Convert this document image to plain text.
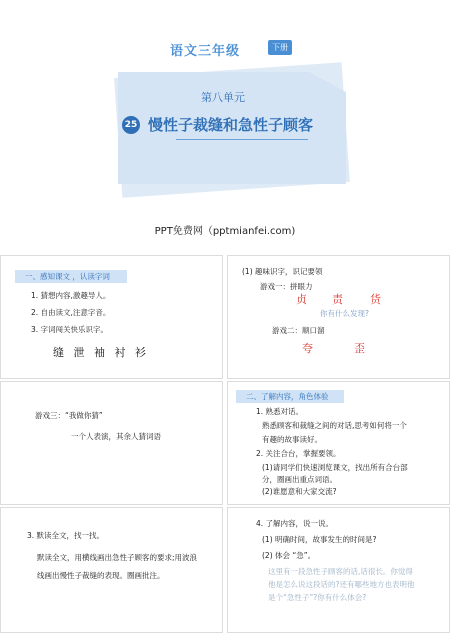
语文三年级	下册
第八单元
25 慢性子裁缝和急性子顾客
PPT免费网（pptmianfei.com)
一、感知课文 ，认读字词
1. 猜想内容,激趣导人。
2. 自由读文,注意字音。
3. 字词闯关快乐识字。
缝 泄 袖 衬 衫
(1) 趣味识字，识记要领
游戏一：拼眼力
贞 责 货
你有什么发现?
游戏二：顺口溜
夸	歪
游戏三：“我做你猜”
一个人表演，其余人猜词语
二、了解内容，角色体验
1. 熟悉对话。
熟悉顾客和裁缝之间的对话,思考如何将一个
有趣的故事读好。
2. 关注合台，掌握要领。
(1)请同学们快速浏览课文，找出所有合台部
分，圈画出重点词语。
(2)谁愿意和大家交流?
3. 默读全文，找一找。
默读全文，用横线画出急性子顾客的要求;用波浪
线画出慢性子裁缝的表现。圈画批注。
4. 了解内容，说一说。
(1) 明确时间，故事发生的时间是?
(2) 体会 “急”。
这里有一段急性子顾客的话,话很长。你觉得
他是怎么说这段话的?还有哪些地方也表明他
是个“急性子”?你有什么体会?
